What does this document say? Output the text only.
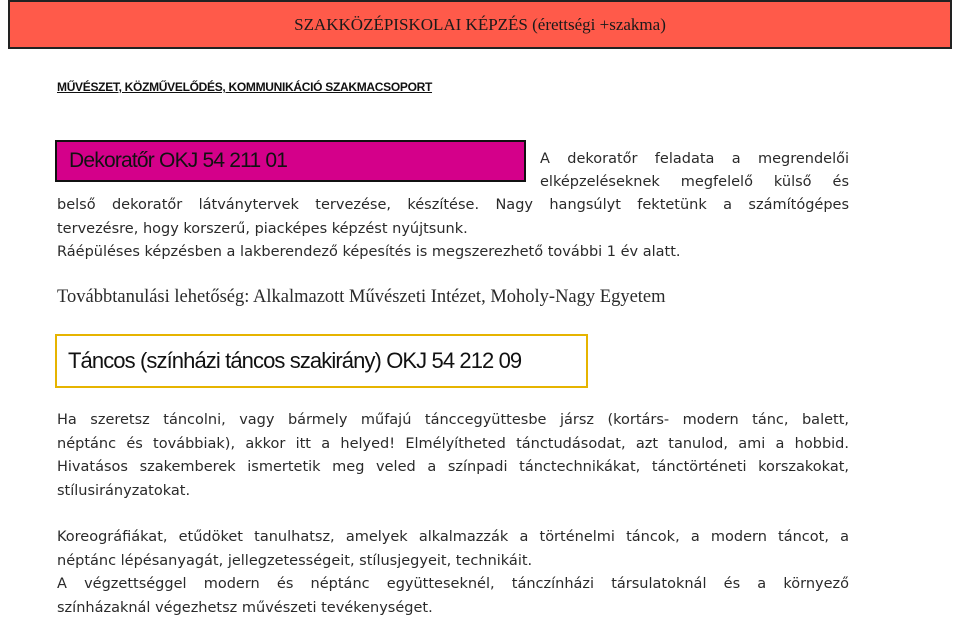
SZAKKÖZÉPISKOLAI KÉPZÉS (érettségi +szakma)
MŰVÉSZET, KÖZMŰVELŐDÉS, KOMMUNIKÁCIÓ SZAKMACSOPORT
Dekoratőr OKJ 54 211 01	A dekoratőr feladata a megrendelői
elképzeléseknek megfelelő külső és
belső dekoratőr látványtervek tervezése, készítése. Nagy hangsúlyt fektetünk a számítógépes
tervezésre, hogy korszerű, piacképes képzést nyújtsunk.
Ráépüléses képzésben a lakberendező képesítés is megszerezhető további 1 év alatt.
Továbbtanulási lehetőség: Alkalmazott Művészeti Intézet, Moholy-Nagy Egyetem
Táncos (színházi táncos szakirány) OKJ 54 212 09
Ha szeretsz táncolni, vagy bármely műfajú tánccegyüttesbe jársz (kortárs- modern tánc, balett,
néptánc és továbbiak), akkor itt a helyed! Elmélyítheted tánctudásodat, azt tanulod, ami a hobbid.
Hivatásos szakemberek ismertetik meg veled a színpadi tánctechnikákat, tánctörténeti korszakokat,
stílusirányzatokat.
Koreográfiákat, etűdöket tanulhatsz, amelyek alkalmazzák a történelmi táncok, a modern táncot, a
néptánc lépésanyagát, jellegzetességeit, stílusjegyeit, technikáit.
A végzettséggel modern és néptánc együtteseknél, tánczínházi társulatoknál és a környező
színházaknál végezhetsz művészeti tevékenységet.
